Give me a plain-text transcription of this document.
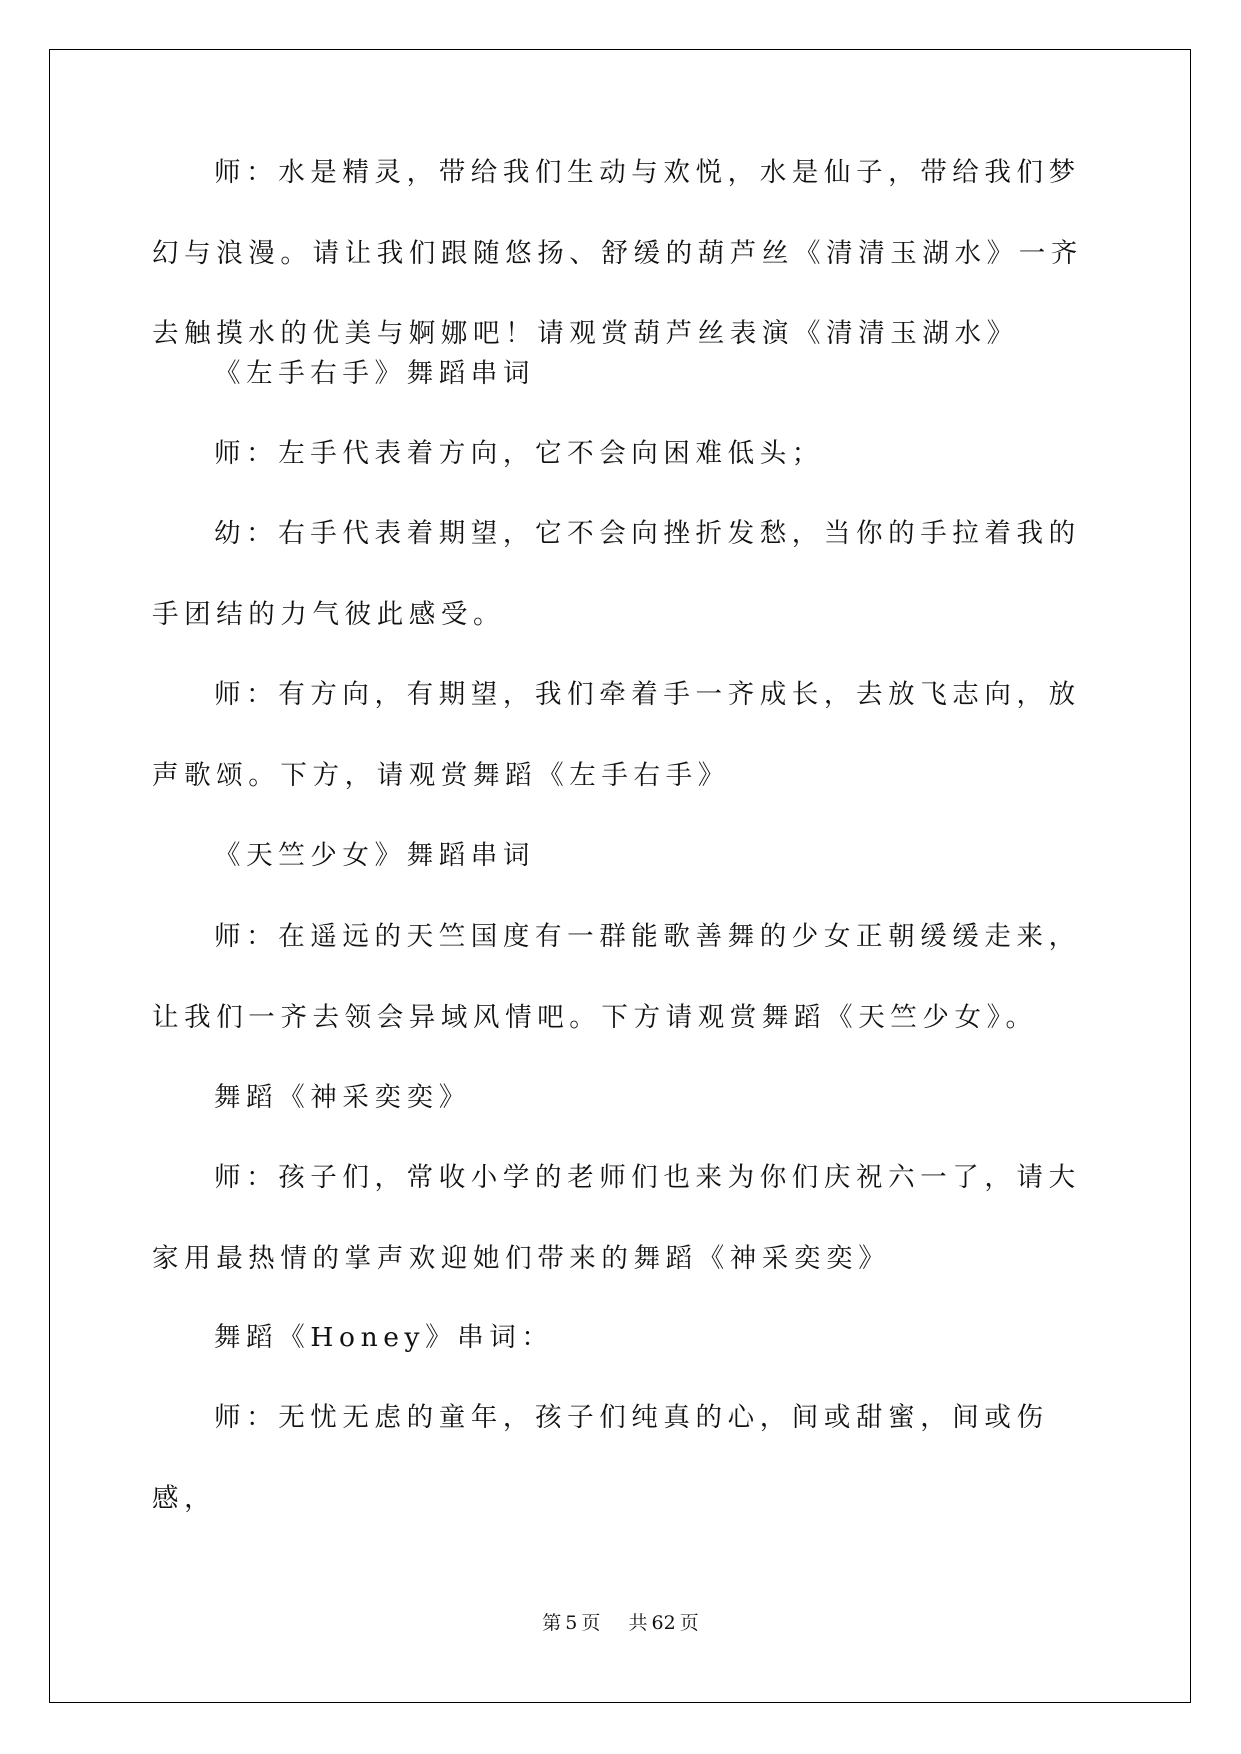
师：水是精灵，带给我们生动与欢悦，水是仙子，带给我们梦幻与浪漫。请让我们跟随悠扬、舒缓的葫芦丝《清清玉湖水》一齐去触摸水的优美与婀娜吧！请观赏葫芦丝表演《清清玉湖水》

《左手右手》舞蹈串词

师：左手代表着方向，它不会向困难低头；

幼：右手代表着期望，它不会向挫折发愁，当你的手拉着我的手团结的力气彼此感受。

师：有方向，有期望，我们牵着手一齐成长，去放飞志向，放声歌颂。下方，请观赏舞蹈《左手右手》

《天竺少女》舞蹈串词

师：在遥远的天竺国度有一群能歌善舞的少女正朝缓缓走来，让我们一齐去领会异域风情吧。下方请观赏舞蹈《天竺少女》。

舞蹈《神采奕奕》

师：孩子们，常收小学的老师们也来为你们庆祝六一了，请大家用最热情的掌声欢迎她们带来的舞蹈《神采奕奕》

舞蹈《Honey》串词：

师：无忧无虑的童年，孩子们纯真的心，间或甜蜜，间或伤感，

第 5 页 共 62 页
